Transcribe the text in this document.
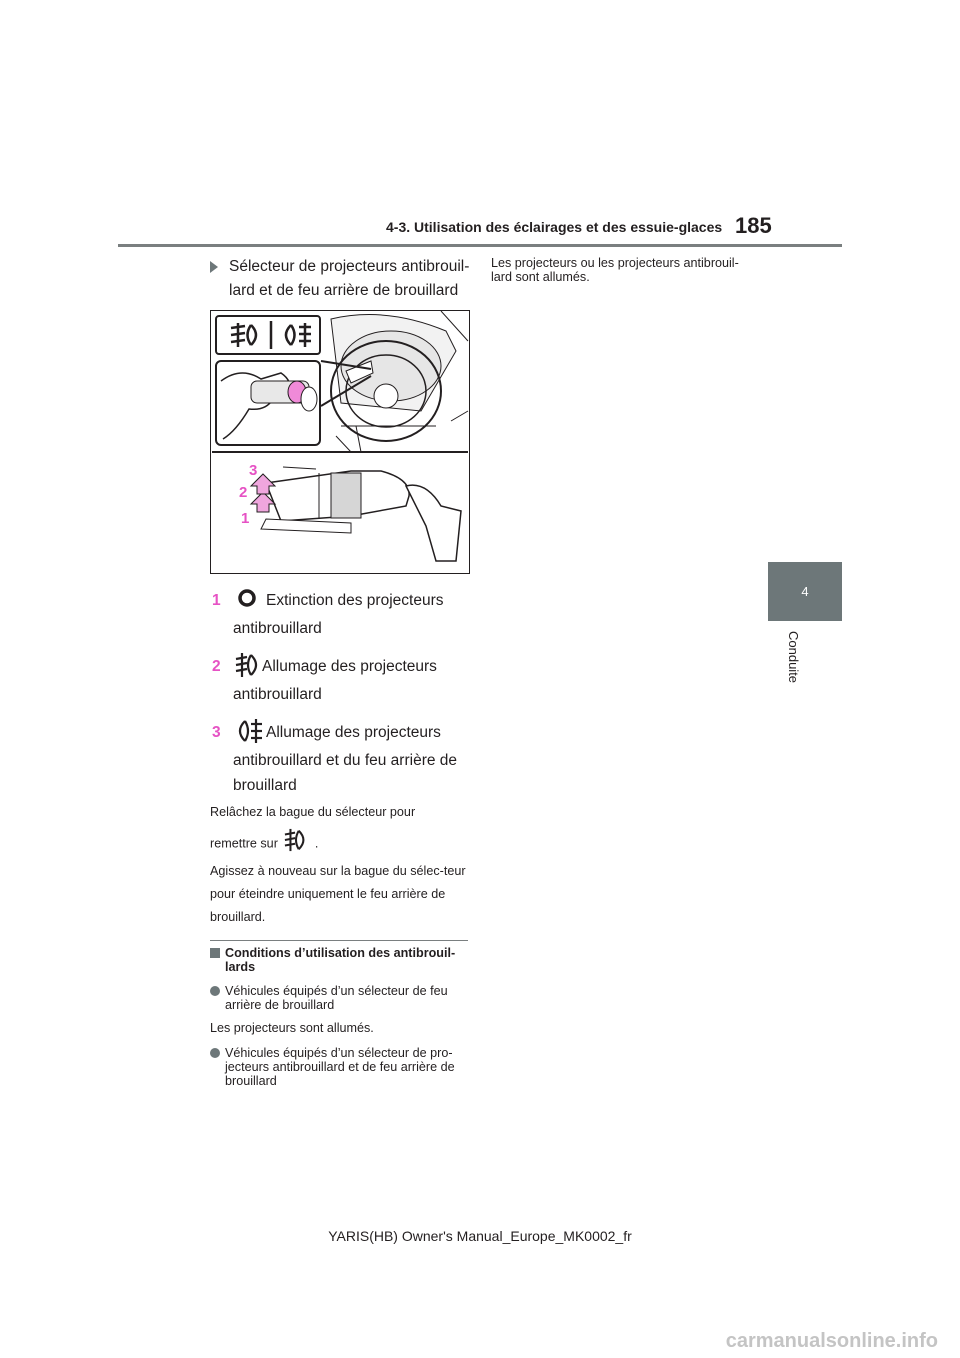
4-3. Utilisation des éclairages et des essuie-glaces 185
4
Conduite
Sélecteur de projecteurs antibrouil-lard et de feu arrière de brouillard
3
2
1
1	Extinction des projecteurs
antibrouillard
2	Allumage des projecteurs
antibrouillard
3	Allumage des projecteurs
antibrouillard et du feu arrière de brouillard
Relâchez la bague du sélecteur pour
remettre sur	.
Agissez à nouveau sur la bague du sélec-teur pour éteindre uniquement le feu arrière de brouillard.
Conditions d’utilisation des antibrouil-lards
Véhicules équipés d’un sélecteur de feu arrière de brouillard
Les projecteurs sont allumés.
Véhicules équipés d’un sélecteur de pro-jecteurs antibrouillard et de feu arrière de brouillard
Les projecteurs ou les projecteurs antibrouil-lard sont allumés.
YARIS(HB) Owner's Manual_Europe_MK0002_fr
carmanualsonline.info
